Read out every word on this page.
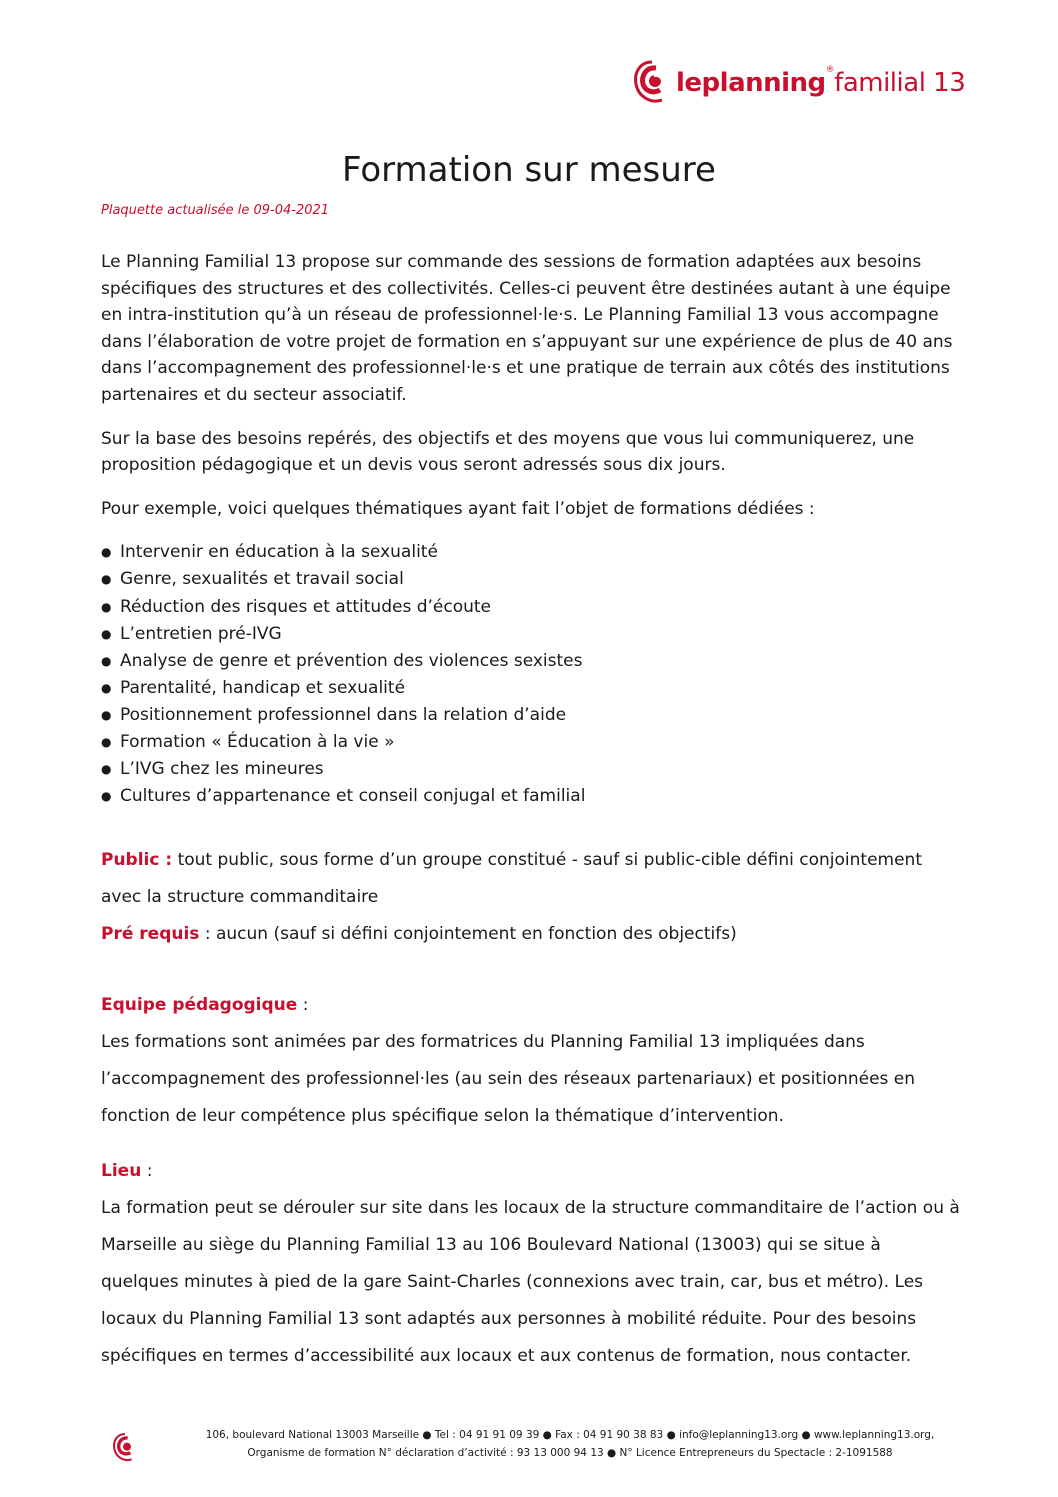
leplanning®familial 13
Formation sur mesure

Plaquette actualisée le 09-04-2021

Le Planning Familial 13 propose sur commande des sessions de formation adaptées aux besoins spécifiques des structures et des collectivités. Celles-ci peuvent être destinées autant à une équipe en intra-institution qu’à un réseau de professionnel·le·s. Le Planning Familial 13 vous accompagne dans l’élaboration de votre projet de formation en s’appuyant sur une expérience de plus de 40 ans dans l’accompagnement des professionnel·le·s et une pratique de terrain aux côtés des institutions partenaires et du secteur associatif.

Sur la base des besoins repérés, des objectifs et des moyens que vous lui communiquerez, une proposition pédagogique et un devis vous seront adressés sous dix jours.

Pour exemple, voici quelques thématiques ayant fait l’objet de formations dédiées :

● Intervenir en éducation à la sexualité
● Genre, sexualités et travail social
● Réduction des risques et attitudes d’écoute
● L’entretien pré-IVG
● Analyse de genre et prévention des violences sexistes
● Parentalité, handicap et sexualité
● Positionnement professionnel dans la relation d’aide
● Formation « Éducation à la vie »
● L’IVG chez les mineures
● Cultures d’appartenance et conseil conjugal et familial

Public : tout public, sous forme d’un groupe constitué - sauf si public-cible défini conjointement avec la structure commanditaire

Pré requis : aucun (sauf si défini conjointement en fonction des objectifs)

Equipe pédagogique :

Les formations sont animées par des formatrices du Planning Familial 13 impliquées dans l’accompagnement des professionnel·les (au sein des réseaux partenariaux) et positionnées en fonction de leur compétence plus spécifique selon la thématique d’intervention.

Lieu :

La formation peut se dérouler sur site dans les locaux de la structure commanditaire de l’action ou à Marseille au siège du Planning Familial 13 au 106 Boulevard National (13003) qui se situe à quelques minutes à pied de la gare Saint-Charles (connexions avec train, car, bus et métro). Les locaux du Planning Familial 13 sont adaptés aux personnes à mobilité réduite. Pour des besoins spécifiques en termes d’accessibilité aux locaux et aux contenus de formation, nous contacter.

106, boulevard National 13003 Marseille ● Tel : 04 91 91 09 39 ● Fax : 04 91 90 38 83 ● info@leplanning13.org ● www.leplanning13.org,
Organisme de formation N° déclaration d’activité : 93 13 000 94 13 ● N° Licence Entrepreneurs du Spectacle : 2-1091588
